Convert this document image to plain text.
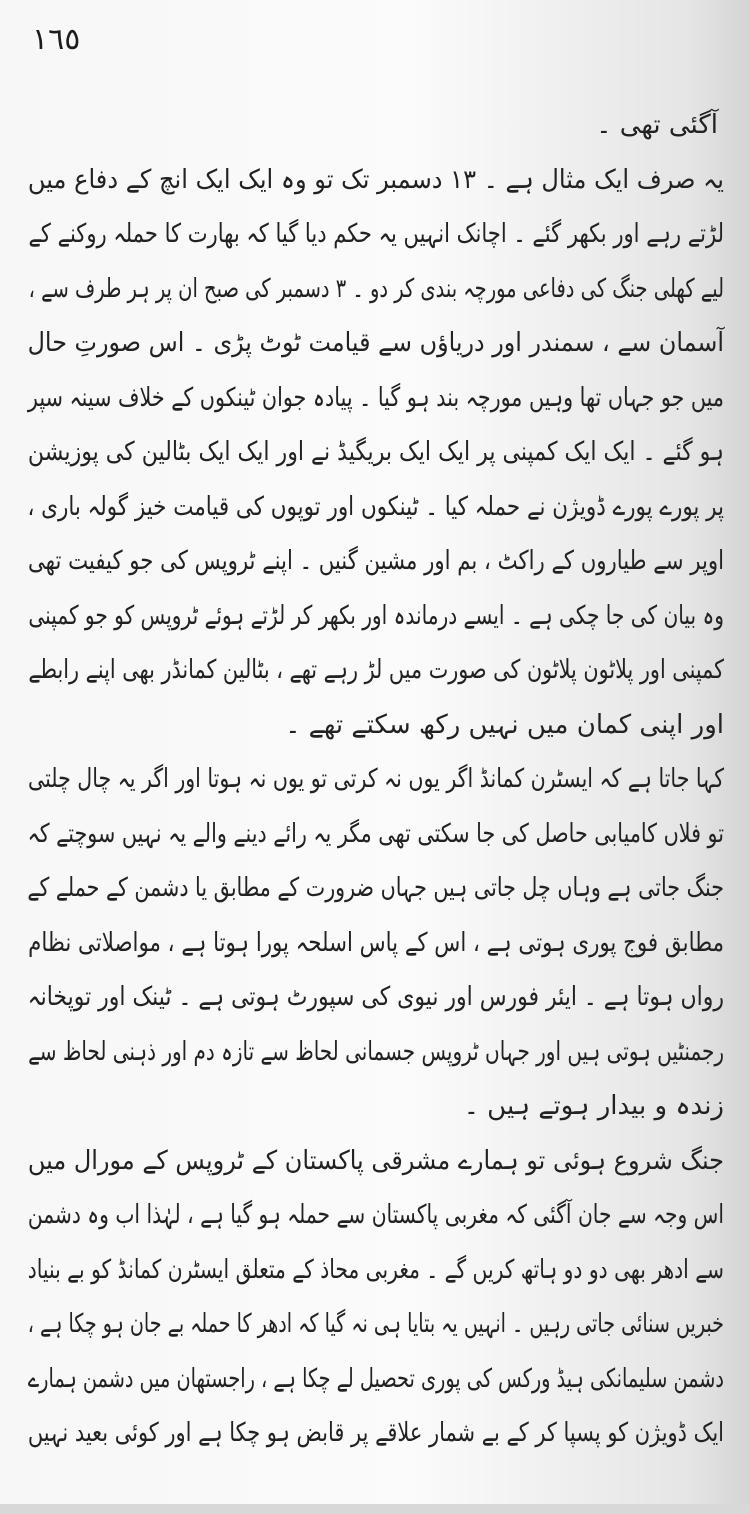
١٦٥
آگئی تھی ۔
یہ صرف ایک مثال ہے ۔ ۱۳ دسمبر تک تو وہ ایک ایک انچ کے دفاع میں
لڑتے رہے اور بکھر گئے ۔ اچانک انہیں یہ حکم دیا گیا کہ بھارت کا حملہ روکنے کے
لیے کھلی جنگ کی دفاعی مورچہ بندی کر دو ۔ ۳ دسمبر کی صبح ان پر ہر طرف سے ،
آسمان سے ، سمندر اور دریاؤں سے قیامت ٹوٹ پڑی ۔ اس صورتِ حال
میں جو جہاں تھا وہیں مورچہ بند ہو گیا ۔ پیادہ جوان ٹینکوں کے خلاف سینہ سپر
ہو گئے ۔ ایک ایک کمپنی پر ایک ایک بریگیڈ نے اور ایک ایک بٹالین کی پوزیشن
پر پورے پورے ڈویژن نے حملہ کیا ۔ ٹینکوں اور توپوں کی قیامت خیز گولہ باری ،
اوپر سے طیاروں کے راکٹ ، بم اور مشین گنیں ۔ اپنے ٹروپس کی جو کیفیت تھی
وہ بیان کی جا چکی ہے ۔ ایسے درماندہ اور بکھر کر لڑتے ہوئے ٹروپس کو جو کمپنی
کمپنی اور پلاٹون پلاٹون کی صورت میں لڑ رہے تھے ، بٹالین کمانڈر بھی اپنے رابطے
اور اپنی کمان میں نہیں رکھ سکتے تھے ۔
کہا جاتا ہے کہ ایسٹرن کمانڈ اگر یوں نہ کرتی تو یوں نہ ہوتا اور اگر یہ چال چلتی
تو فلاں کامیابی حاصل کی جا سکتی تھی مگر یہ رائے دینے والے یہ نہیں سوچتے کہ
جنگ جاتی ہے وہاں چل جاتی ہیں جہاں ضرورت کے مطابق یا دشمن کے حملے کے
مطابق فوج پوری ہوتی ہے ، اس کے پاس اسلحہ پورا ہوتا ہے ، مواصلاتی نظام
رواں ہوتا ہے ۔ ایئر فورس اور نیوی کی سپورٹ ہوتی ہے ۔ ٹینک اور توپخانہ
رجمنٹیں ہوتی ہیں اور جہاں ٹروپس جسمانی لحاظ سے تازہ دم اور ذہنی لحاظ سے
زندہ و بیدار ہوتے ہیں ۔
جنگ شروع ہوئی تو ہمارے مشرقی پاکستان کے ٹروپس کے مورال میں
اس وجہ سے جان آگئی کہ مغربی پاکستان سے حملہ ہو گیا ہے ، لہٰذا اب وہ دشمن
سے ادھر بھی دو دو ہاتھ کریں گے ۔ مغربی محاذ کے متعلق ایسٹرن کمانڈ کو بے بنیاد
خبریں سنائی جاتی رہیں ۔ انہیں یہ بتایا ہی نہ گیا کہ ادھر کا حملہ بے جان ہو چکا ہے ،
دشمن سلیمانکی ہیڈ ورکس کی پوری تحصیل لے چکا ہے ، راجستھان میں دشمن ہمارے
ایک ڈویژن کو پسپا کر کے بے شمار علاقے پر قابض ہو چکا ہے اور کوئی بعید نہیں
